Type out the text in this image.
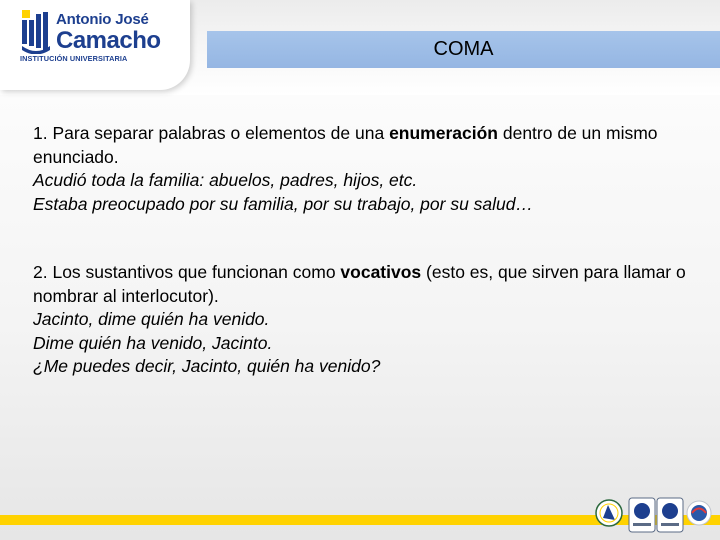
Antonio José
Camacho
INSTITUCIÓN UNIVERSITARIA	COMA

1. Para separar palabras o elementos de una enumeración dentro de un mismo enunciado.

Acudió toda la familia: abuelos, padres, hijos, etc.

Estaba preocupado por su familia, por su trabajo, por su salud…

2. Los sustantivos que funcionan como vocativos (esto es, que sirven para llamar o nombrar al interlocutor).

Jacinto, dime quién ha venido.

Dime quién ha venido, Jacinto.

¿Me puedes decir, Jacinto, quién ha venido?
